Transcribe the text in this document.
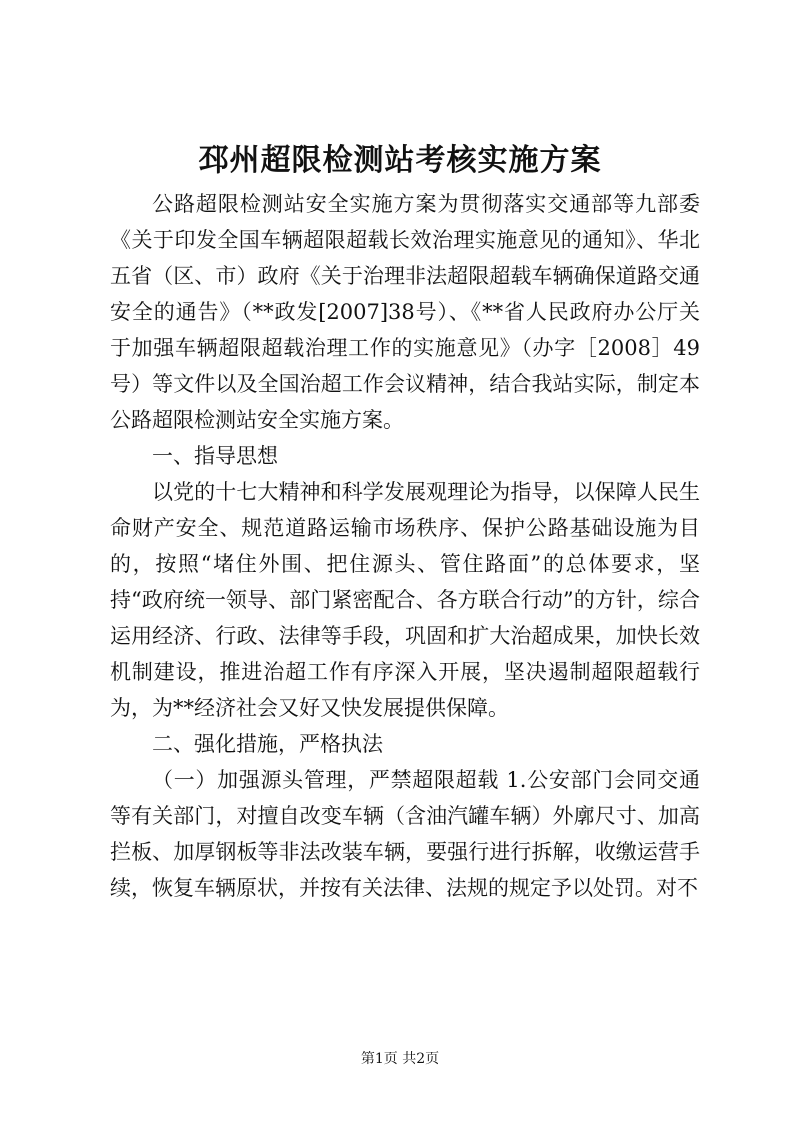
邳州超限检测站考核实施方案

公路超限检测站安全实施方案为贯彻落实交通部等九部委《关于印发全国车辆超限超载长效治理实施意见的通知》、华北五省（区、市）政府《关于治理非法超限超载车辆确保道路交通安全的通告》（**政发[2007]38号）、《**省人民政府办公厅关于加强车辆超限超载治理工作的实施意见》（办字［2008］49号）等文件以及全国治超工作会议精神，结合我站实际，制定本公路超限检测站安全实施方案。

一、指导思想

以党的十七大精神和科学发展观理论为指导，以保障人民生命财产安全、规范道路运输市场秩序、保护公路基础设施为目的，按照“堵住外围、把住源头、管住路面”的总体要求，坚持“政府统一领导、部门紧密配合、各方联合行动”的方针，综合运用经济、行政、法律等手段，巩固和扩大治超成果，加快长效机制建设，推进治超工作有序深入开展，坚决遏制超限超载行为，为**经济社会又好又快发展提供保障。

二、强化措施，严格执法

（一）加强源头管理，严禁超限超载 1.公安部门会同交通等有关部门，对擅自改变车辆（含油汽罐车辆）外廓尺寸、加高拦板、加厚钢板等非法改装车辆，要强行进行拆解，收缴运营手续，恢复车辆原状，并按有关法律、法规的规定予以处罚。对不

第1页 共2页
